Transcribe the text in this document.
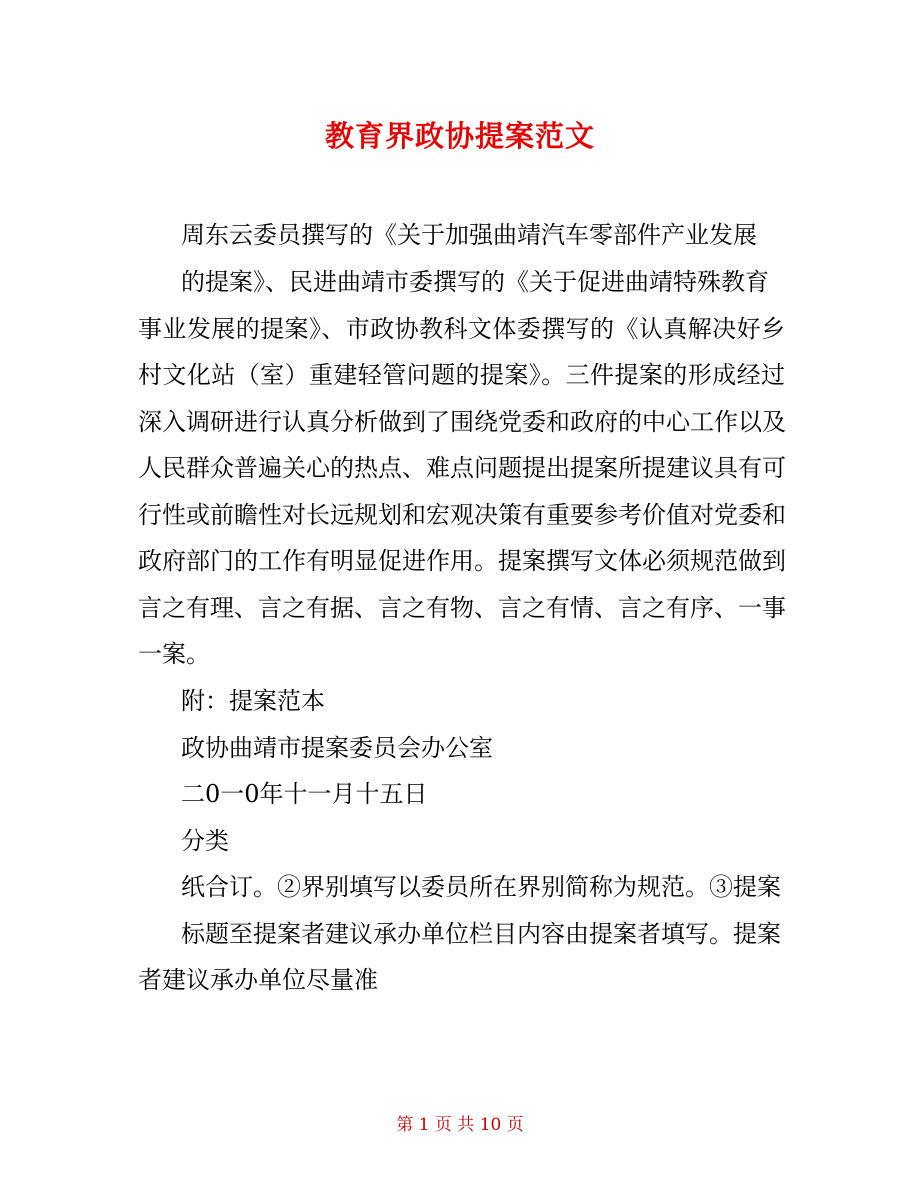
教育界政协提案范文

周东云委员撰写的《关于加强曲靖汽车零部件产业发展

的提案》、民进曲靖市委撰写的《关于促进曲靖特殊教育

事业发展的提案》、市政协教科文体委撰写的《认真解决好乡

村文化站（室）重建轻管问题的提案》。三件提案的形成经过

深入调研进行认真分析做到了围绕党委和政府的中心工作以及

人民群众普遍关心的热点、难点问题提出提案所提建议具有可

行性或前瞻性对长远规划和宏观决策有重要参考价值对党委和

政府部门的工作有明显促进作用。提案撰写文体必须规范做到

言之有理、言之有据、言之有物、言之有情、言之有序、一事

一案。

附：提案范本

政协曲靖市提案委员会办公室

二0一0年十一月十五日

分类

纸合订。②界别填写以委员所在界别简称为规范。③提案

标题至提案者建议承办单位栏目内容由提案者填写。提案

者建议承办单位尽量准

第 1 页 共 10 页
